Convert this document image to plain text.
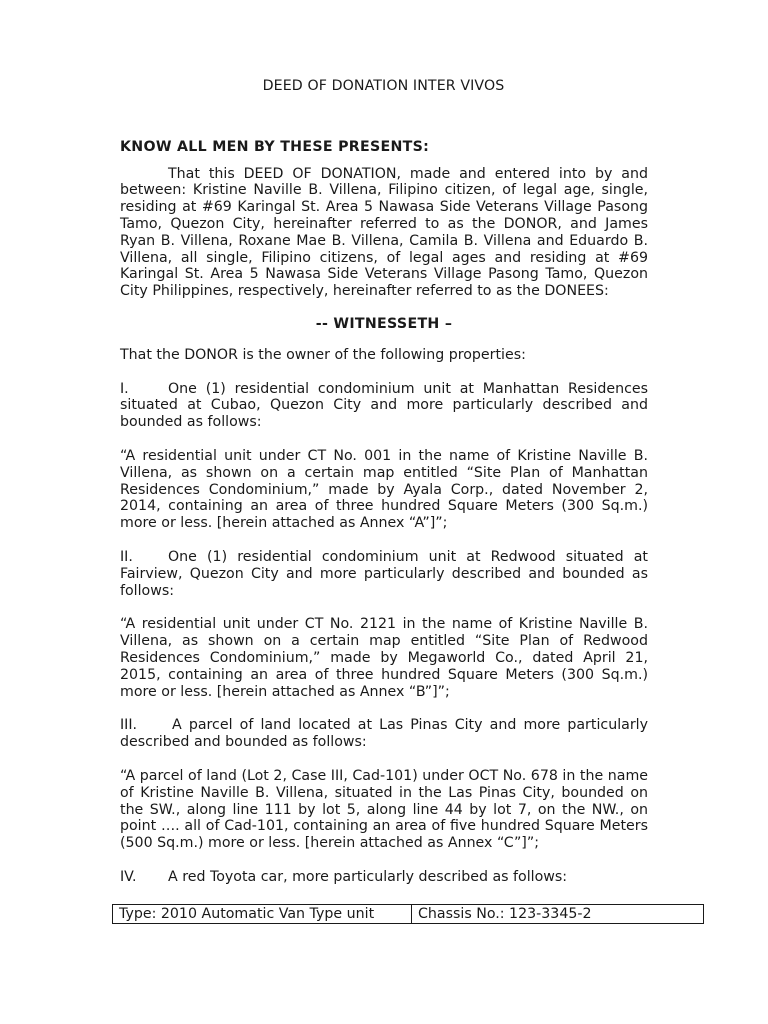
DEED OF DONATION INTER VIVOS
KNOW ALL MEN BY THESE PRESENTS:

That this DEED OF DONATION, made and entered into by and between: Kristine Naville B. Villena, Filipino citizen, of legal age, single, residing at #69 Karingal St. Area 5 Nawasa Side Veterans Village Pasong Tamo, Quezon City, hereinafter referred to as the DONOR, and James Ryan B. Villena, Roxane Mae B. Villena, Camila B. Villena and Eduardo B. Villena, all single, Filipino citizens, of legal ages and residing at #69 Karingal St. Area 5 Nawasa Side Veterans Village Pasong Tamo, Quezon City Philippines, respectively, hereinafter referred to as the DONEES:

-- WITNESSETH –

That the DONOR is the owner of the following properties:

I.	One (1) residential condominium unit at Manhattan Residences situated at Cubao, Quezon City and more particularly described and bounded as follows:

“A residential unit under CT No. 001 in the name of Kristine Naville B. Villena, as shown on a certain map entitled “Site Plan of Manhattan Residences Condominium,” made by Ayala Corp., dated November 2, 2014, containing an area of three hundred Square Meters (300 Sq.m.) more or less. [herein attached as Annex “A”]”;

II. One (1) residential condominium unit at Redwood situated at Fairview, Quezon City and more particularly described and bounded as follows:

“A residential unit under CT No. 2121 in the name of Kristine Naville B. Villena, as shown on a certain map entitled “Site Plan of Redwood Residences Condominium,” made by Megaworld Co., dated April 21, 2015, containing an area of three hundred Square Meters (300 Sq.m.) more or less. [herein attached as Annex “B”]”;

III. A parcel of land located at Las Pinas City and more particularly described and bounded as follows:

“A parcel of land (Lot 2, Case III, Cad-101) under OCT No. 678 in the name of Kristine Naville B. Villena, situated in the Las Pinas City, bounded on the SW., along line 111 by lot 5, along line 44 by lot 7, on the NW., on point …. all of Cad-101, containing an area of five hundred Square Meters (500 Sq.m.) more or less. [herein attached as Annex “C”]”;

IV. A red Toyota car, more particularly described as follows:

Type: 2010 Automatic Van Type unit	Chassis No.: 123-3345-2
